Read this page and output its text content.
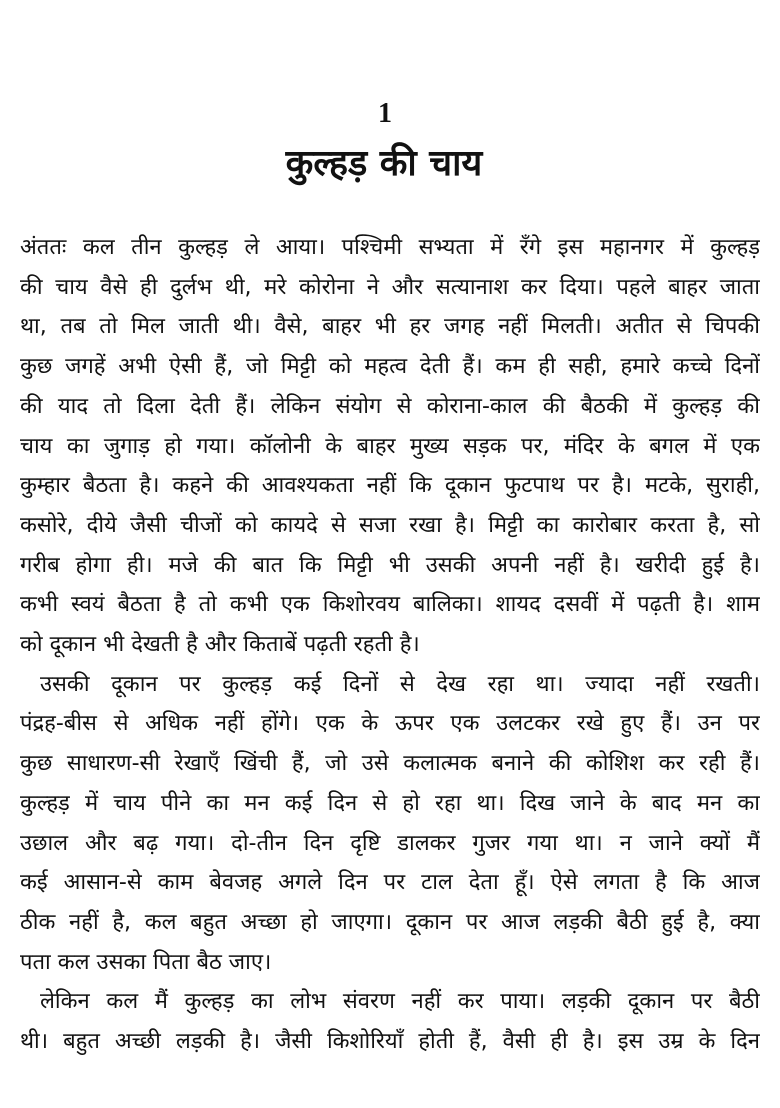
1
कुल्हड़ की चाय
अंततः कल तीन कुल्हड़ ले आया। पश्चिमी सभ्यता में रँगे इस महानगर में कुल्हड़
की चाय वैसे ही दुर्लभ थी, मरे कोरोना ने और सत्यानाश कर दिया। पहले बाहर जाता
था, तब तो मिल जाती थी। वैसे, बाहर भी हर जगह नहीं मिलती। अतीत से चिपकी
कुछ जगहें अभी ऐसी हैं, जो मिट्टी को महत्व देती हैं। कम ही सही, हमारे कच्चे दिनों
की याद तो दिला देती हैं। लेकिन संयोग से कोराना-काल की बैठकी में कुल्हड़ की
चाय का जुगाड़ हो गया। कॉलोनी के बाहर मुख्य सड़क पर, मंदिर के बगल में एक
कुम्हार बैठता है। कहने की आवश्यकता नहीं कि दूकान फुटपाथ पर है। मटके, सुराही,
कसोरे, दीये जैसी चीजों को कायदे से सजा रखा है। मिट्टी का कारोबार करता है, सो
गरीब होगा ही। मजे की बात कि मिट्टी भी उसकी अपनी नहीं है। खरीदी हुई है।
कभी स्वयं बैठता है तो कभी एक किशोरवय बालिका। शायद दसवीं में पढ़ती है। शाम
को दूकान भी देखती है और किताबें पढ़ती रहती है।
उसकी दूकान पर कुल्हड़ कई दिनों से देख रहा था। ज्यादा नहीं रखती।
पंद्रह-बीस से अधिक नहीं होंगे। एक के ऊपर एक उलटकर रखे हुए हैं। उन पर
कुछ साधारण-सी रेखाएँ खिंची हैं, जो उसे कलात्मक बनाने की कोशिश कर रही हैं।
कुल्हड़ में चाय पीने का मन कई दिन से हो रहा था। दिख जाने के बाद मन का
उछाल और बढ़ गया। दो-तीन दिन दृष्टि डालकर गुजर गया था। न जाने क्यों मैं
कई आसान-से काम बेवजह अगले दिन पर टाल देता हूँ। ऐसे लगता है कि आज
ठीक नहीं है, कल बहुत अच्छा हो जाएगा। दूकान पर आज लड़की बैठी हुई है, क्या
पता कल उसका पिता बैठ जाए।
लेकिन कल मैं कुल्हड़ का लोभ संवरण नहीं कर पाया। लड़की दूकान पर बैठी
थी। बहुत अच्छी लड़की है। जैसी किशोरियाँ होती हैं, वैसी ही है। इस उम्र के दिन
